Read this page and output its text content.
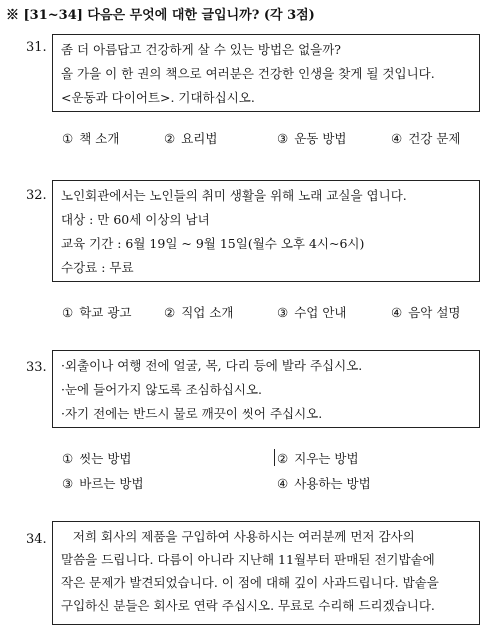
※ [31~34] 다음은 무엇에 대한 글입니까? (각 3점)
31. 좀 더 아름답고 건강하게 살 수 있는 방법은 없을까?
올 가을 이 한 권의 책으로 여러분은 건강한 인생을 찾게 될 것입니다.
<운동과 다이어트>. 기대하십시오.
① 책 소개	② 요리법	③ 운동 방법	④ 건강 문제
32. 노인회관에서는 노인들의 취미 생활을 위해 노래 교실을 엽니다.
대상 : 만 60세 이상의 남녀
교육 기간 : 6월 19일 ~ 9월 15일(월수 오후 4시~6시)
수강료 : 무료
① 학교 광고	② 직업 소개	③ 수업 안내	④ 음악 설명
33. ·외출이나 여행 전에 얼굴, 목, 다리 등에 발라 주십시오.
·눈에 들어가지 않도록 조심하십시오.
·자기 전에는 반드시 물로 깨끗이 씻어 주십시오.
① 씻는 방법	② 지우는 방법
③ 바르는 방법	④ 사용하는 방법
34. 저희 회사의 제품을 구입하여 사용하시는 여러분께 먼저 감사의
말씀을 드립니다. 다름이 아니라 지난해 11월부터 판매된 전기밥솥에
작은 문제가 발견되었습니다. 이 점에 대해 깊이 사과드립니다. 밥솥을
구입하신 분들은 회사로 연락 주십시오. 무료로 수리해 드리겠습니다.
